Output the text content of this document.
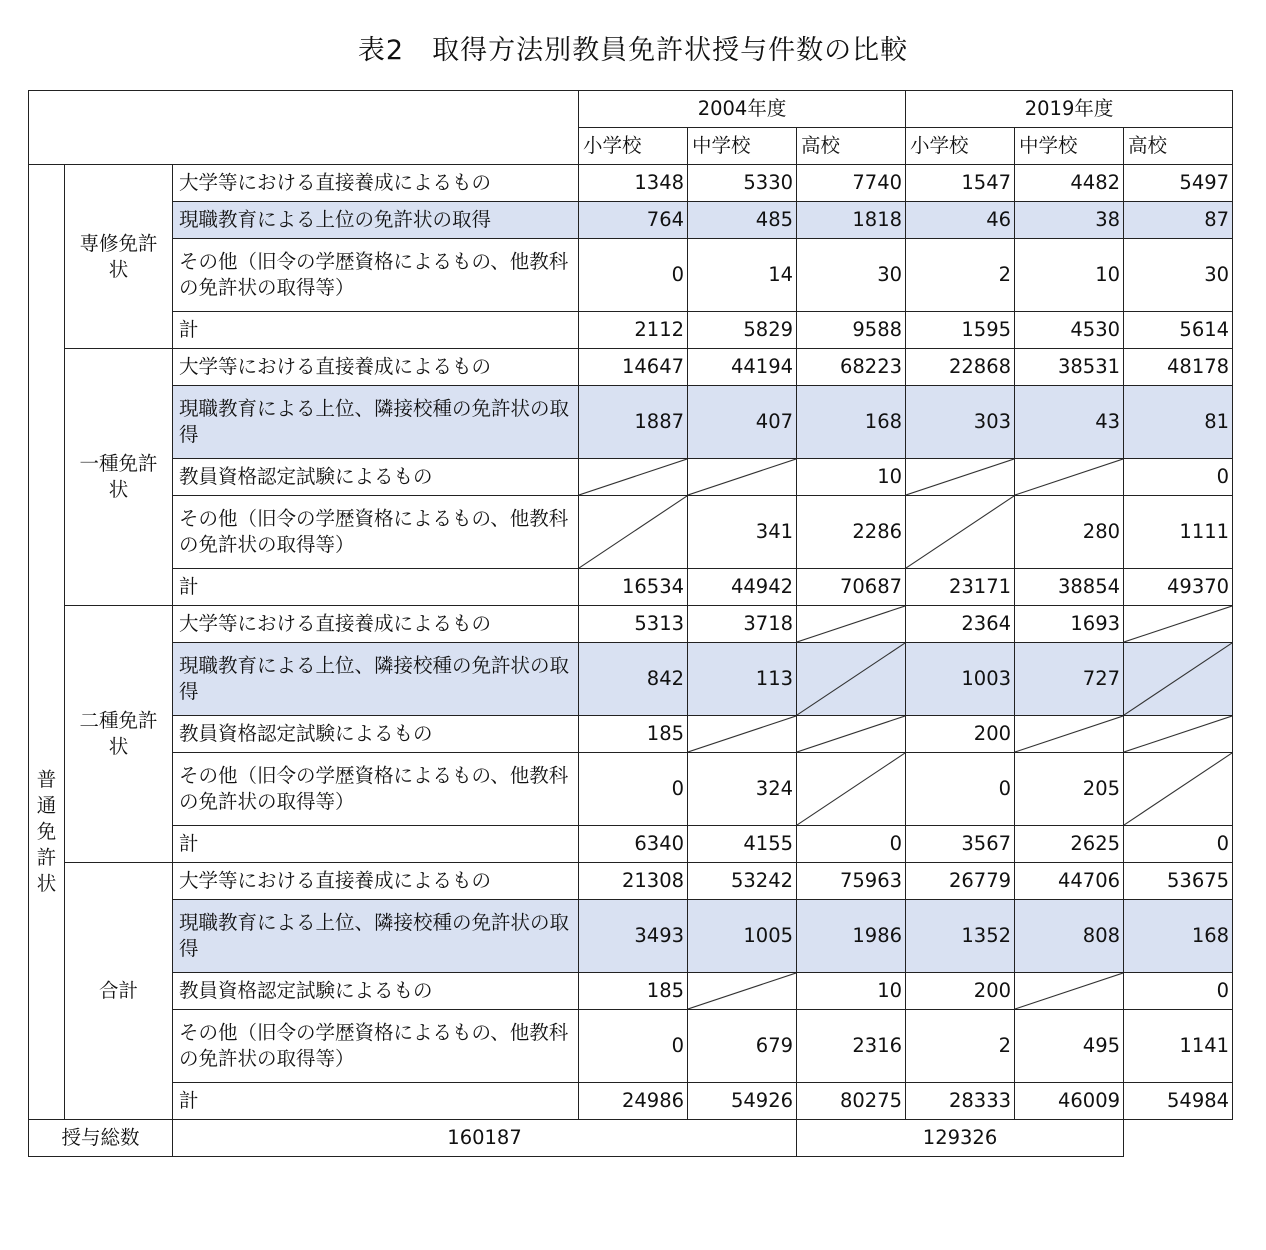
表2　取得方法別教員免許状授与件数の比較
			2004年度			2019年度		
			小学校	中学校	高校	小学校	中学校	高校
普
通
免
許
状	専修免許
状	大学等における直接養成によるもの	1348	5330	7740	1547	4482	5497
		現職教育による上位の免許状の取得	764	485	1818	46	38	87
		その他（旧令の学歴資格によるもの、他教科の免許状の取得等）	0	14	30	2	10	30
		計	2112	5829	9588	1595	4530	5614
	一種免許
状	大学等における直接養成によるもの	14647	44194	68223	22868	38531	48178
		現職教育による上位、隣接校種の免許状の取得	1887	407	168	303	43	81
		教員資格認定試験によるもの			10			0
		その他（旧令の学歴資格によるもの、他教科の免許状の取得等）		341	2286		280	1111
		計	16534	44942	70687	23171	38854	49370
	二種免許
状	大学等における直接養成によるもの	5313	3718		2364	1693	

		現職教育による上位、隣接校種の免許状の取得	842	113		1003	727	

		教員資格認定試験によるもの	185			200	

		その他（旧令の学歴資格によるもの、他教科の免許状の取得等）	0	324		0	205	

		計	6340	4155	0	3567	2625	0
	合計	大学等における直接養成によるもの	21308	53242	75963	26779	44706	53675
		現職教育による上位、隣接校種の免許状の取得	3493	1005	1986	1352	808	168
		教員資格認定試験によるもの	185		10	200		0
		その他（旧令の学歴資格によるもの、他教科の免許状の取得等）	0	679	2316	2	495	1141
		計	24986	54926	80275	28333	46009	54984
授与総数		160187			129326			
